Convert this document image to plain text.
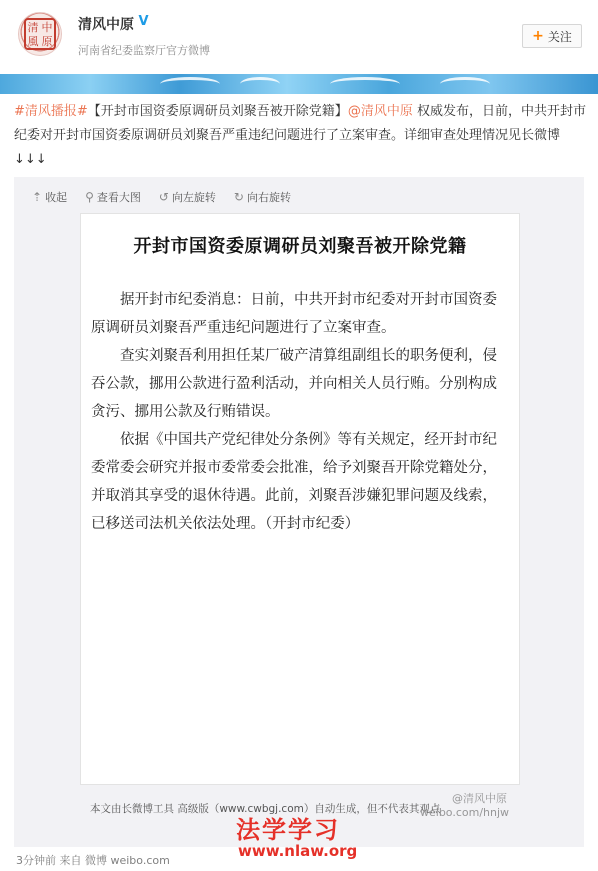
清 中
風 原
清风中原 V
河南省纪委监察厅官方微博
+ 关注
#清风播报#【开封市国资委原调研员刘聚吾被开除党籍】@清风中原 权威发布，日前，中共开封市纪委对开封市国资委原调研员刘聚吾严重违纪问题进行了立案审查。详细审查处理情况见长微博↓↓↓
⇡ 收起 ⚲ 查看大图 ↺ 向左旋转 ↻ 向右旋转
开封市国资委原调研员刘聚吾被开除党籍

据开封市纪委消息：日前，中共开封市纪委对开封市国资委原调研员刘聚吾严重违纪问题进行了立案审查。

查实刘聚吾利用担任某厂破产清算组副组长的职务便利，侵吞公款，挪用公款进行盈利活动，并向相关人员行贿。分别构成贪污、挪用公款及行贿错误。

依据《中国共产党纪律处分条例》等有关规定，经开封市纪委常委会研究并报市委常委会批准，给予刘聚吾开除党籍处分，并取消其享受的退休待遇。此前，刘聚吾涉嫌犯罪问题及线索，已移送司法机关依法处理。（开封市纪委）

本文由长微博工具 高级版（www.cwbgj.com）自动生成，但不代表其观点
@清风中原
weibo.com/hnjw
法学学习
www.nlaw.org
3分钟前 来自 微博 weibo.com
